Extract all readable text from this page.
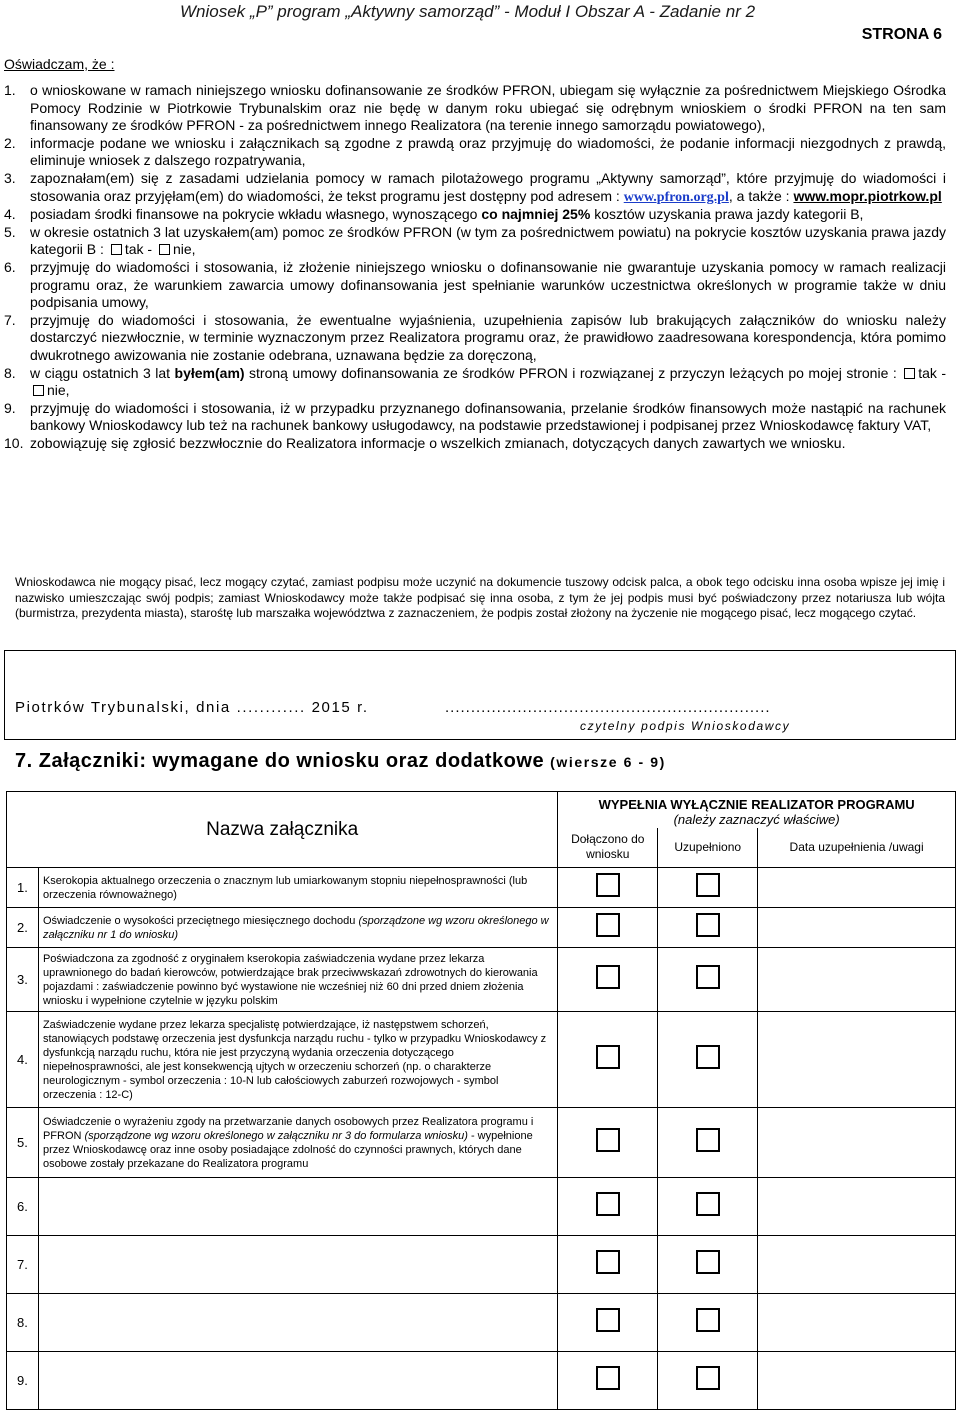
Wniosek „P” program „Aktywny samorząd” - Moduł I Obszar A - Zadanie nr 2
STRONA 6
Oświadczam, że :
1.	o wnioskowane w ramach niniejszego wniosku dofinansowanie ze środków PFRON, ubiegam się wyłącznie za pośrednictwem Miejskiego Ośrodka Pomocy Rodzinie w Piotrkowie Trybunalskim oraz nie będę w danym roku ubiegać się odrębnym wnioskiem o środki PFRON na ten sam finansowany ze środków PFRON - za pośrednictwem innego Realizatora (na terenie innego samorządu powiatowego),
2.	informacje podane we wniosku i załącznikach są zgodne z prawdą oraz przyjmuję do wiadomości, że podanie informacji niezgodnych z prawdą, eliminuje wniosek z dalszego rozpatrywania,
3.	zapoznałam(em) się z zasadami udzielania pomocy w ramach pilotażowego programu „Aktywny samorząd”, które przyjmuję do wiadomości i stosowania oraz przyjęłam(em) do wiadomości, że tekst programu jest dostępny pod adresem : www.pfron.org.pl, a także : www.mopr.piotrkow.pl
4.	posiadam środki finansowe na pokrycie wkładu własnego, wynoszącego co najmniej 25% kosztów uzyskania prawa jazdy kategorii B,
5.	w okresie ostatnich 3 lat uzyskałem(am) pomoc ze środków PFRON (w tym za pośrednictwem powiatu) na pokrycie kosztów uzyskania prawa jazdy kategorii B : tak - nie,
6.	przyjmuję do wiadomości i stosowania, iż złożenie niniejszego wniosku o dofinansowanie nie gwarantuje uzyskania pomocy w ramach realizacji programu oraz, że warunkiem zawarcia umowy dofinansowania jest spełnianie warunków uczestnictwa określonych w programie także w dniu podpisania umowy,
7.	przyjmuję do wiadomości i stosowania, że ewentualne wyjaśnienia, uzupełnienia zapisów lub brakujących załączników do wniosku należy dostarczyć niezwłocznie, w terminie wyznaczonym przez Realizatora programu oraz, że prawidłowo zaadresowana korespondencja, która pomimo dwukrotnego awizowania nie zostanie odebrana, uznawana będzie za doręczoną,
8.	w ciągu ostatnich 3 lat byłem(am) stroną umowy dofinansowania ze środków PFRON i rozwiązanej z przyczyn leżących po mojej stronie : tak - nie,
9.	przyjmuję do wiadomości i stosowania, iż w przypadku przyznanego dofinansowania, przelanie środków finansowych może nastąpić na rachunek bankowy Wnioskodawcy lub też na rachunek bankowy usługodawcy, na podstawie przedstawionej i podpisanej przez Wnioskodawcę faktury VAT,
10. zobowiązuję się zgłosić bezzwłocznie do Realizatora informacje o wszelkich zmianach, dotyczących danych zawartych we wniosku.
Wnioskodawca nie mogący pisać, lecz mogący czytać, zamiast podpisu może uczynić na dokumencie tuszowy odcisk palca, a obok tego odcisku inna osoba wpisze jej imię i nazwisko umieszczając swój podpis; zamiast Wnioskodawcy może także podpisać się inna osoba, z tym że jej podpis musi być poświadczony przez notariusza lub wójta (burmistrza, prezydenta miasta), starośtę lub marszałka województwa z zaznaczeniem, że podpis został złożony na życzenie nie mogącego pisać, lecz mogącego czytać.
Piotrków Trybunalski, dnia ............ 2015 r.	...............................................................
czytelny podpis Wnioskodawcy
7. Załączniki: wymagane do wniosku oraz dodatkowe (wiersze 6 - 9)
Nazwa załącznika		WYPEŁNIA WYŁĄCZNIE REALIZATOR PROGRAMU
(należy zaznaczyć właściwe)		

		Dołączono do wniosku	Uzupełniono	Data uzupełnienia /uwagi
1.	Kserokopia aktualnego orzeczenia o znacznym lub umiarkowanym stopniu niepełnosprawności (lub orzeczenia równoważnego)			
2.	Oświadczenie o wysokości przeciętnego miesięcznego dochodu (sporządzone wg wzoru określonego w załączniku nr 1 do wniosku)			
3.	Poświadczona za zgodność z oryginałem kserokopia zaświadczenia wydane przez lekarza uprawnionego do badań kierowców, potwierdzające brak przeciwwskazań zdrowotnych do kierowania pojazdami : zaświadczenie powinno być wystawione nie wcześniej niż 60 dni przed dniem złożenia wniosku i wypełnione czytelnie w języku polskim			
4.	Zaświadczenie wydane przez lekarza specjalistę potwierdzające, iż następstwem schorzeń, stanowiących podstawę orzeczenia jest dysfunkcja narządu ruchu - tylko w przypadku Wnioskodawcy z dysfunkcją narządu ruchu, która nie jest przyczyną wydania orzeczenia dotyczącego niepełnosprawności, ale jest konsekwencją ujtych w orzeczeniu schorzeń (np. o charakterze neurologicznym - symbol orzeczenia : 10-N lub całościowych zaburzeń rozwojowych - symbol orzeczenia : 12-C)			
5.	Oświadczenie o wyrażeniu zgody na przetwarzanie danych osobowych przez Realizatora programu i PFRON (sporządzone wg wzoru określonego w załączniku nr 3 do formularza wniosku) - wypełnione przez Wnioskodawcę oraz inne osoby posiadające zdolność do czynności prawnych, których dane osobowe zostały przekazane do Realizatora programu			
6.				
7.				
8.				
9.				
